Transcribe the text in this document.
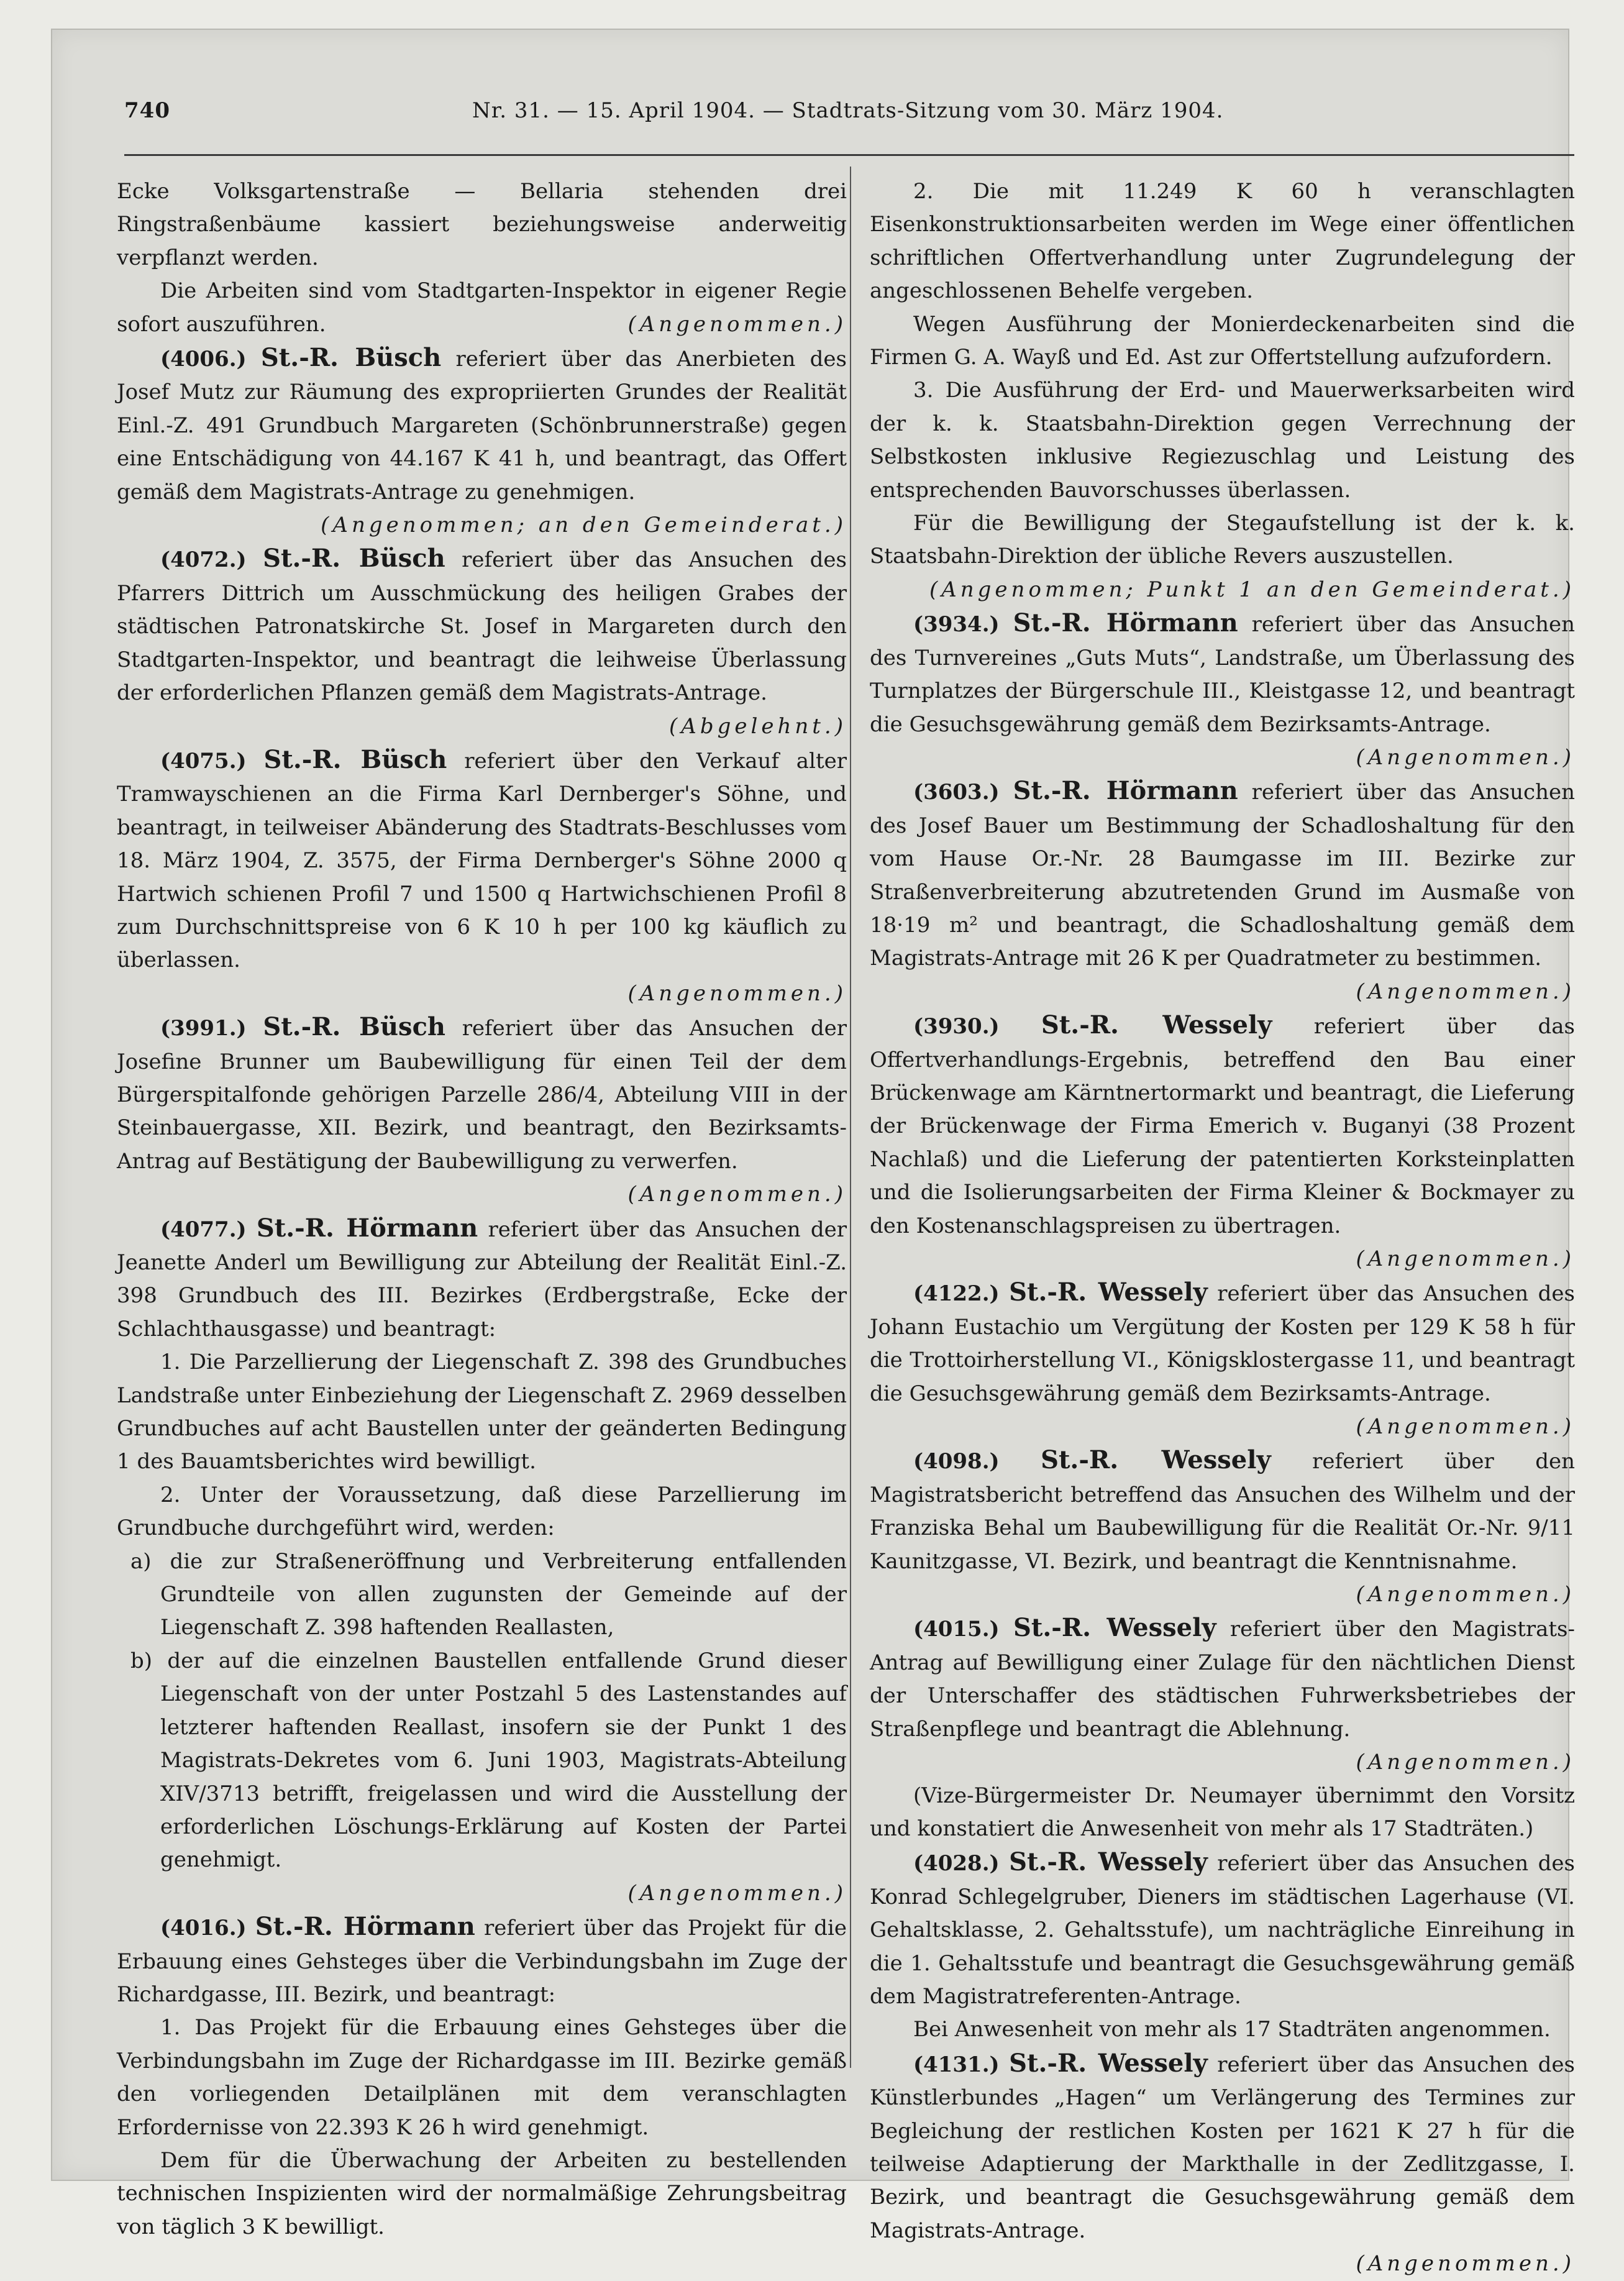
740	Nr. 31. — 15. April 1904. — Stadtrats-Sitzung vom 30. März 1904.

Ecke Volksgartenstraße — Bellaria stehenden drei Ringstraßenbäume kassiert beziehungsweise anderweitig verpflanzt werden.

Die Arbeiten sind vom Stadtgarten-Inspektor in eigener Regie sofort auszuführen.	(Angenommen.)

(4006.) St.-R. Büsch referiert über das Anerbieten des Josef Mutz zur Räumung des expropriierten Grundes der Realität Einl.-Z. 491 Grundbuch Margareten (Schönbrunnerstraße) gegen eine Entschädigung von 44.167 K 41 h, und beantragt, das Offert gemäß dem Magistrats-Antrage zu genehmigen.

(Angenommen; an den Gemeinderat.)

(4072.) St.-R. Büsch referiert über das Ansuchen des Pfarrers Dittrich um Ausschmückung des heiligen Grabes der städtischen Patronatskirche St. Josef in Margareten durch den Stadtgarten-Inspektor, und beantragt die leihweise Überlassung der erforderlichen Pflanzen gemäß dem Magistrats-Antrage.
(Abgelehnt.)

(4075.) St.-R. Büsch referiert über den Verkauf alter Tramwayschienen an die Firma Karl Dernberger's Söhne, und beantragt, in teilweiser Abänderung des Stadtrats-Beschlusses vom 18. März 1904, Z. 3575, der Firma Dernberger's Söhne 2000 q Hartwich schienen Profil 7 und 1500 q Hartwichschienen Profil 8 zum Durchschnittspreise von 6 K 10 h per 100 kg käuflich zu überlassen.

(Angenommen.)

(3991.) St.-R. Büsch referiert über das Ansuchen der Josefine Brunner um Baubewilligung für einen Teil der dem Bürgerspitalfonde gehörigen Parzelle 286/4, Abteilung VIII in der Steinbauergasse, XII. Bezirk, und beantragt, den Bezirksamts-Antrag auf Bestätigung der Baubewilligung zu verwerfen.
(Angenommen.)

(4077.) St.-R. Hörmann referiert über das Ansuchen der Jeanette Anderl um Bewilligung zur Abteilung der Realität Einl.-Z. 398 Grundbuch des III. Bezirkes (Erdbergstraße, Ecke der Schlachthausgasse) und beantragt:

1. Die Parzellierung der Liegenschaft Z. 398 des Grundbuches Landstraße unter Einbeziehung der Liegenschaft Z. 2969 desselben Grundbuches auf acht Baustellen unter der geänderten Bedingung 1 des Bauamtsberichtes wird bewilligt.

2. Unter der Voraussetzung, daß diese Parzellierung im Grundbuche durchgeführt wird, werden:

a) die zur Straßeneröffnung und Verbreiterung entfallenden Grundteile von allen zugunsten der Gemeinde auf der Liegenschaft Z. 398 haftenden Reallasten,

b) der auf die einzelnen Baustellen entfallende Grund dieser Liegenschaft von der unter Postzahl 5 des Lastenstandes auf letzterer haftenden Reallast, insofern sie der Punkt 1 des Magistrats-Dekretes vom 6. Juni 1903, Magistrats-Abteilung XIV/3713 betrifft, freigelassen und wird die Ausstellung der erforderlichen Löschungs-Erklärung auf Kosten der Partei genehmigt.

(Angenommen.)

(4016.) St.-R. Hörmann referiert über das Projekt für die Erbauung eines Gehsteges über die Verbindungsbahn im Zuge der Richardgasse, III. Bezirk, und beantragt:

1. Das Projekt für die Erbauung eines Gehsteges über die Verbindungsbahn im Zuge der Richardgasse im III. Bezirke gemäß den vorliegenden Detailplänen mit dem veranschlagten Erfordernisse von 22.393 K 26 h wird genehmigt.

Dem für die Überwachung der Arbeiten zu bestellenden technischen Inspizienten wird der normalmäßige Zehrungsbeitrag von täglich 3 K bewilligt.

2. Die mit 11.249 K 60 h veranschlagten Eisenkonstruktionsarbeiten werden im Wege einer öffentlichen schriftlichen Offertverhandlung unter Zugrundelegung der angeschlossenen Behelfe vergeben.

Wegen Ausführung der Monierdeckenarbeiten sind die Firmen G. A. Wayß und Ed. Ast zur Offertstellung aufzufordern.

3. Die Ausführung der Erd- und Mauerwerksarbeiten wird der k. k. Staatsbahn-Direktion gegen Verrechnung der Selbstkosten inklusive Regiezuschlag und Leistung des entsprechenden Bauvorschusses überlassen.

Für die Bewilligung der Stegaufstellung ist der k. k. Staatsbahn-Direktion der übliche Revers auszustellen.

(Angenommen; Punkt 1 an den Gemeinderat.)

(3934.) St.-R. Hörmann referiert über das Ansuchen des Turnvereines „Guts Muts“, Landstraße, um Überlassung des Turnplatzes der Bürgerschule III., Kleistgasse 12, und beantragt die Gesuchsgewährung gemäß dem Bezirksamts-Antrage.

(Angenommen.)

(3603.) St.-R. Hörmann referiert über das Ansuchen des Josef Bauer um Bestimmung der Schadloshaltung für den vom Hause Or.-Nr. 28 Baumgasse im III. Bezirke zur Straßenverbreiterung abzutretenden Grund im Ausmaße von 18·19 m² und beantragt, die Schadloshaltung gemäß dem Magistrats-Antrage mit 26 K per Quadratmeter zu bestimmen.
(Angenommen.)

(3930.) St.-R. Wessely referiert über das Offertverhandlungs-Ergebnis, betreffend den Bau einer Brückenwage am Kärntnertormarkt und beantragt, die Lieferung der Brückenwage der Firma Emerich v. Buganyi (38 Prozent Nachlaß) und die Lieferung der patentierten Korksteinplatten und die Isolierungsarbeiten der Firma Kleiner & Bockmayer zu den Kostenanschlagspreisen zu übertragen.

(Angenommen.)

(4122.) St.-R. Wessely referiert über das Ansuchen des Johann Eustachio um Vergütung der Kosten per 129 K 58 h für die Trottoirherstellung VI., Königsklostergasse 11, und beantragt die Gesuchsgewährung gemäß dem Bezirksamts-Antrage.

(Angenommen.)

(4098.) St.-R. Wessely referiert über den Magistratsbericht betreffend das Ansuchen des Wilhelm und der Franziska Behal um Baubewilligung für die Realität Or.-Nr. 9/11 Kaunitzgasse, VI. Bezirk, und beantragt die Kenntnisnahme.
(Angenommen.)

(4015.) St.-R. Wessely referiert über den Magistrats-Antrag auf Bewilligung einer Zulage für den nächtlichen Dienst der Unterschaffer des städtischen Fuhrwerksbetriebes der Straßenpflege und beantragt die Ablehnung.
(Angenommen.)

(Vize-Bürgermeister Dr. Neumayer übernimmt den Vorsitz und konstatiert die Anwesenheit von mehr als 17 Stadträten.)

(4028.) St.-R. Wessely referiert über das Ansuchen des Konrad Schlegelgruber, Dieners im städtischen Lagerhause (VI. Gehaltsklasse, 2. Gehaltsstufe), um nachträgliche Einreihung in die 1. Gehaltsstufe und beantragt die Gesuchsgewährung gemäß dem Magistratreferenten-Antrage.

Bei Anwesenheit von mehr als 17 Stadträten angenommen.

(4131.) St.-R. Wessely referiert über das Ansuchen des Künstlerbundes „Hagen“ um Verlängerung des Termines zur Begleichung der restlichen Kosten per 1621 K 27 h für die teilweise Adaptierung der Markthalle in der Zedlitzgasse, I. Bezirk, und beantragt die Gesuchsgewährung gemäß dem Magistrats-Antrage.

(Angenommen.)
